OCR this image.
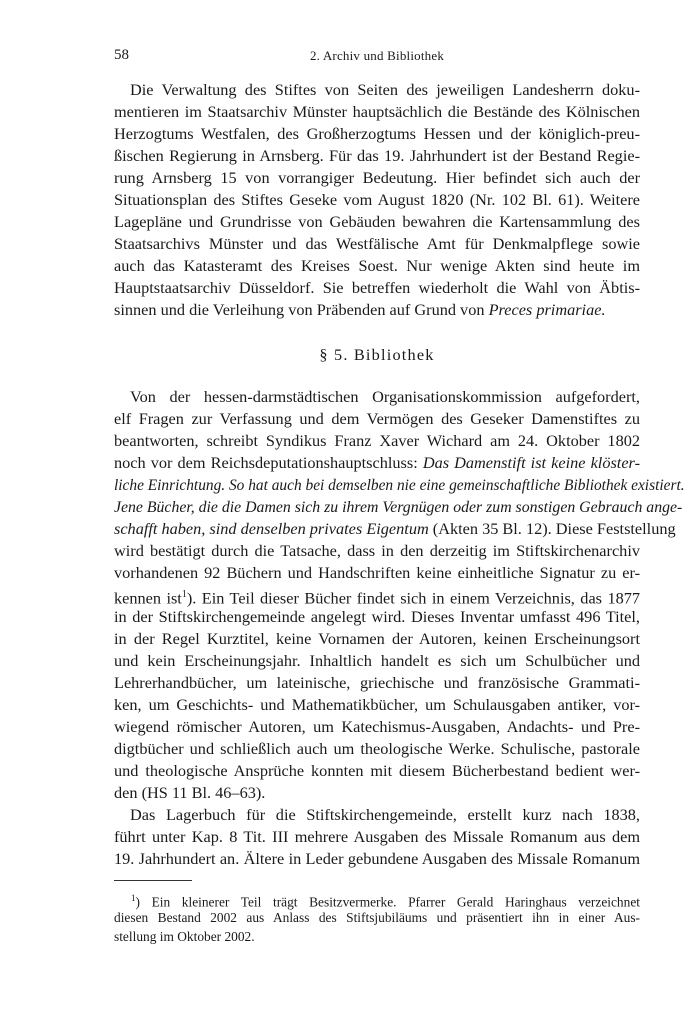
58	2. Archiv und Bibliothek
Die Verwaltung des Stiftes von Seiten des jeweiligen Landesherrn doku-
mentieren im Staatsarchiv Münster hauptsächlich die Bestände des Kölnischen
Herzogtums Westfalen, des Großherzogtums Hessen und der königlich-preu-
ßischen Regierung in Arnsberg. Für das 19. Jahrhundert ist der Bestand Regie-
rung Arnsberg 15 von vorrangiger Bedeutung. Hier befindet sich auch der
Situationsplan des Stiftes Geseke vom August 1820 (Nr. 102 Bl. 61). Weitere
Lagepläne und Grundrisse von Gebäuden bewahren die Kartensammlung des
Staatsarchivs Münster und das Westfälische Amt für Denkmalpflege sowie
auch das Katasteramt des Kreises Soest. Nur wenige Akten sind heute im
Hauptstaatsarchiv Düsseldorf. Sie betreffen wiederholt die Wahl von Äbtis-
sinnen und die Verleihung von Präbenden auf Grund von Preces primariae.
§ 5. Bibliothek
Von der hessen-darmstädtischen Organisationskommission aufgefordert,
elf Fragen zur Verfassung und dem Vermögen des Geseker Damenstiftes zu
beantworten, schreibt Syndikus Franz Xaver Wichard am 24. Oktober 1802
noch vor dem Reichsdeputationshauptschluss: Das Damenstift ist keine klöster-
liche Einrichtung. So hat auch bei demselben nie eine gemeinschaftliche Bibliothek existiert.
Jene Bücher, die die Damen sich zu ihrem Vergnügen oder zum sonstigen Gebrauch ange-
schafft haben, sind denselben privates Eigentum (Akten 35 Bl. 12). Diese Feststellung
wird bestätigt durch die Tatsache, dass in den derzeitig im Stiftskirchenarchiv
vorhandenen 92 Büchern und Handschriften keine einheitliche Signatur zu er-
kennen ist$^1$). Ein Teil dieser Bücher findet sich in einem Verzeichnis, das 1877
in der Stiftskirchengemeinde angelegt wird. Dieses Inventar umfasst 496 Titel,
in der Regel Kurztitel, keine Vornamen der Autoren, keinen Erscheinungsort
und kein Erscheinungsjahr. Inhaltlich handelt es sich um Schulbücher und
Lehrerhandbücher, um lateinische, griechische und französische Grammati-
ken, um Geschichts- und Mathematikbücher, um Schulausgaben antiker, vor-
wiegend römischer Autoren, um Katechismus-Ausgaben, Andachts- und Pre-
digtbücher und schließlich auch um theologische Werke. Schulische, pastorale
und theologische Ansprüche konnten mit diesem Bücherbestand bedient wer-
den (HS 11 Bl. 46–63).
Das Lagerbuch für die Stiftskirchengemeinde, erstellt kurz nach 1838,
führt unter Kap. 8 Tit. III mehrere Ausgaben des Missale Romanum aus dem
19. Jahrhundert an. Ältere in Leder gebundene Ausgaben des Missale Romanum
$^1$) Ein kleinerer Teil trägt Besitzvermerke. Pfarrer Gerald Haringhaus verzeichnet
diesen Bestand 2002 aus Anlass des Stiftsjubiläums und präsentiert ihn in einer Aus-
stellung im Oktober 2002.
